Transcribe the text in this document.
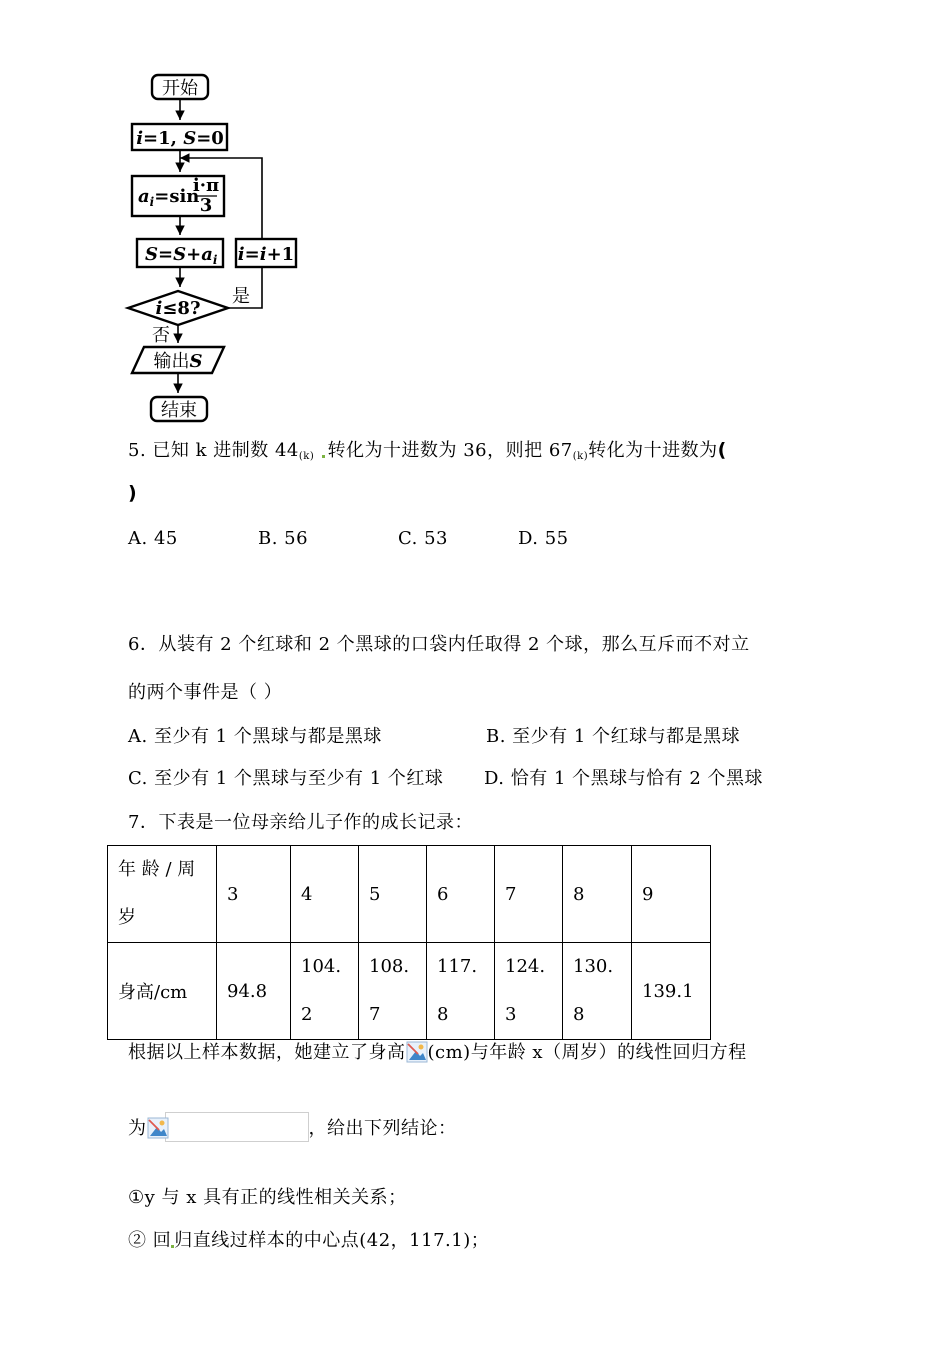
开始
i=1, S=0
$a_i=\sin$
i·π
3
$S=S+a_i$ i=i+1
i≤8?
是
否
输出S
结束
5. 已知 k 进制数 $44_{(k)}$ 转化为十进数为 36，则把 $67_{(k)}$转化为十进数为(
)
A. 45	B. 56	C. 53	D. 55
6．从装有 2 个红球和 2 个黑球的口袋内任取得 2 个球，那么互斥而不对立
的两个事件是（ ）
A. 至少有 1 个黑球与都是黑球	B. 至少有 1 个红球与都是黑球
C. 至少有 1 个黑球与至少有 1 个红球 D. 恰有 1 个黑球与恰有 2 个黑球
7．下表是一位母亲给儿子作的成长记录：
年 龄 / 周
岁	3	4	5	6	7	8	9
身高/cm	94.8	104.
2	108.
7	117.
8	124.
3	130.
8	139.1
根据以上样本数据，她建立了身高 (cm)与年龄 x（周岁）的线性回归方程
为	，给出下列结论：
①y 与 x 具有正的线性相关关系；
② 回 归直线过样本的中心点(42，117.1)；
